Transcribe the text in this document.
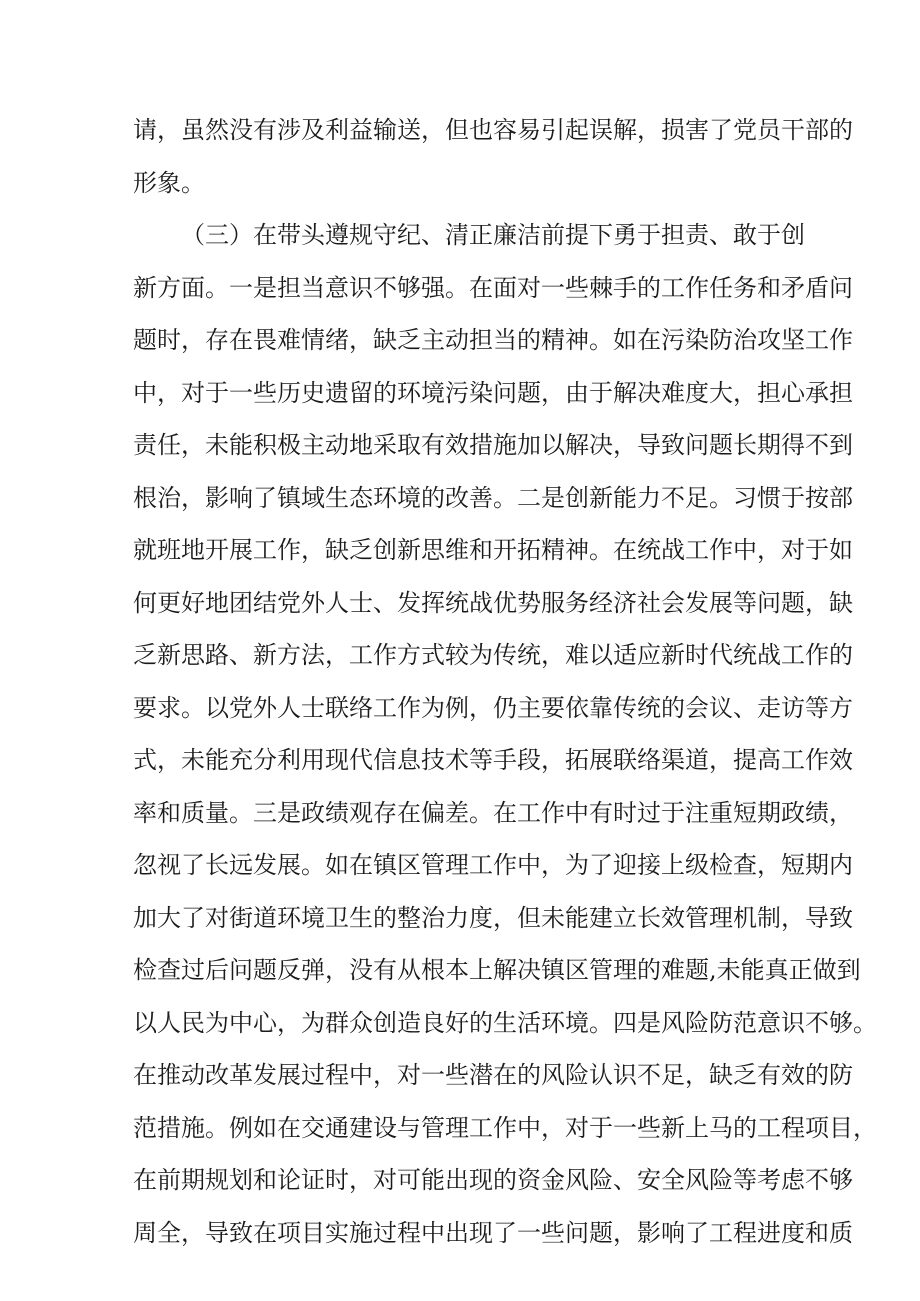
请，虽然没有涉及利益输送，但也容易引起误解，损害了党员干部的
形象。
（三）在带头遵规守纪、清正廉洁前提下勇于担责、敢于创
新方面。一是担当意识不够强。在面对一些棘手的工作任务和矛盾问
题时，存在畏难情绪，缺乏主动担当的精神。如在污染防治攻坚工作
中，对于一些历史遗留的环境污染问题，由于解决难度大，担心承担
责任，未能积极主动地采取有效措施加以解决，导致问题长期得不到
根治，影响了镇域生态环境的改善。二是创新能力不足。习惯于按部
就班地开展工作，缺乏创新思维和开拓精神。在统战工作中，对于如
何更好地团结党外人士、发挥统战优势服务经济社会发展等问题，缺
乏新思路、新方法，工作方式较为传统，难以适应新时代统战工作的
要求。以党外人士联络工作为例，仍主要依靠传统的会议、走访等方
式，未能充分利用现代信息技术等手段，拓展联络渠道，提高工作效
率和质量。三是政绩观存在偏差。在工作中有时过于注重短期政绩，
忽视了长远发展。如在镇区管理工作中，为了迎接上级检查，短期内
加大了对街道环境卫生的整治力度，但未能建立长效管理机制，导致
检查过后问题反弹，没有从根本上解决镇区管理的难题,未能真正做到
以人民为中心，为群众创造良好的生活环境。四是风险防范意识不够。
在推动改革发展过程中，对一些潜在的风险认识不足，缺乏有效的防
范措施。例如在交通建设与管理工作中，对于一些新上马的工程项目，
在前期规划和论证时，对可能出现的资金风险、安全风险等考虑不够
周全，导致在项目实施过程中出现了一些问题，影响了工程进度和质
